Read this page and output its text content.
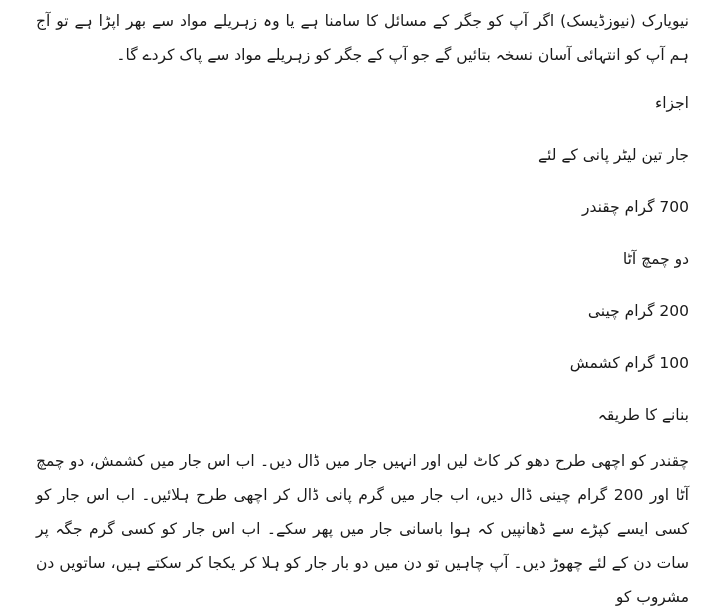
نیویارک (نیوزڈیسک) اگر آپ کو جگر کے مسائل کا سامنا ہے یا وہ زہریلے مواد سے بھر اپڑا ہے تو آج ہم آپ کو انتہائی آسان نسخہ بتائیں گے جو آپ کے جگر کو زہریلے مواد سے پاک کردے گا۔

اجزاء

جار تین لیٹر پانی کے لئے

700 گرام چقندر

دو چمچ آٹا

200 گرام چینی

100 گرام کشمش

بنانے کا طریقہ

چقندر کو اچھی طرح دھو کر کاٹ لیں اور انہیں جار میں ڈال دیں۔ اب اس جار میں کشمش، دو چمچ آٹا اور 200 گرام چینی ڈال دیں، اب جار میں گرم پانی ڈال کر اچھی طرح ہلائیں۔ اب اس جار کو کسی ایسے کپڑے سے ڈھانپیں کہ ہوا باسانی جار میں پھر سکے۔ اب اس جار کو کسی گرم جگہ پر سات دن کے لئے چھوڑ دیں۔ آپ چاہیں تو دن میں دو بار جار کو ہلا کر یکجا کر سکتے ہیں، ساتویں دن مشروب کو
